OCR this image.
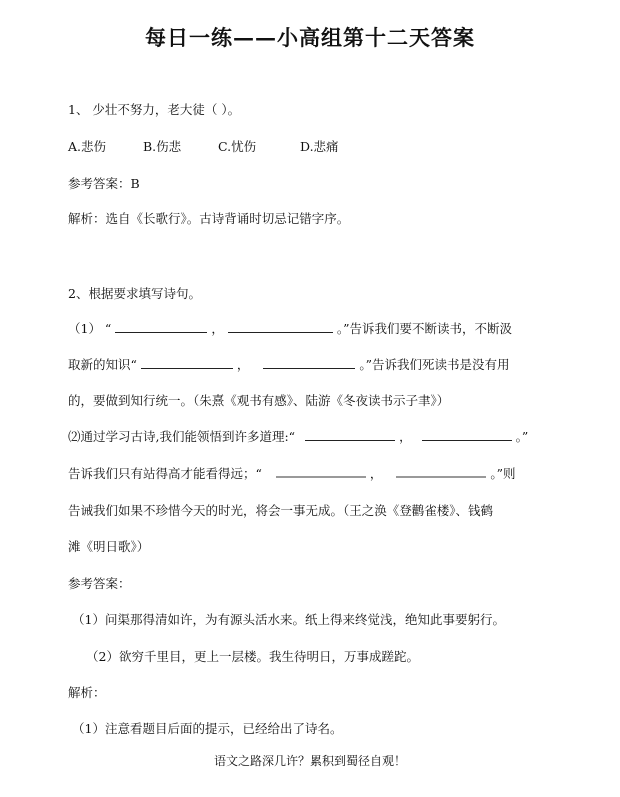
每日一练——小高组第十二天答案
1、 少壮不努力，老大徒（ ）。
A.悲伤	B.伤悲	C.忧伤	D.悲痛
参考答案：B
解析：选自《长歌行》。古诗背诵时切忌记错字序。
2、根据要求填写诗句。
（1） “	，	。”告诉我们要不断读书，不断汲
取新的知识“	，	。”告诉我们死读书是没有用
的，要做到知行统一。（朱熹《观书有感》、陆游《冬夜读书示子聿》）
⑵通过学习古诗,我们能领悟到许多道理:“	，	。”
告诉我们只有站得高才能看得远；“	，	。”则
告诫我们如果不珍惜今天的时光，将会一事无成。（王之涣《登鹳雀楼》、钱鹤
滩《明日歌》）
参考答案：
（1）问渠那得清如许，为有源头活水来。纸上得来终觉浅，绝知此事要躬行。
（2）欲穷千里目，更上一层楼。我生待明日，万事成蹉跎。
解析：
（1）注意看题目后面的提示，已经给出了诗名。
语文之路深几许？累积到蜀径自观！
